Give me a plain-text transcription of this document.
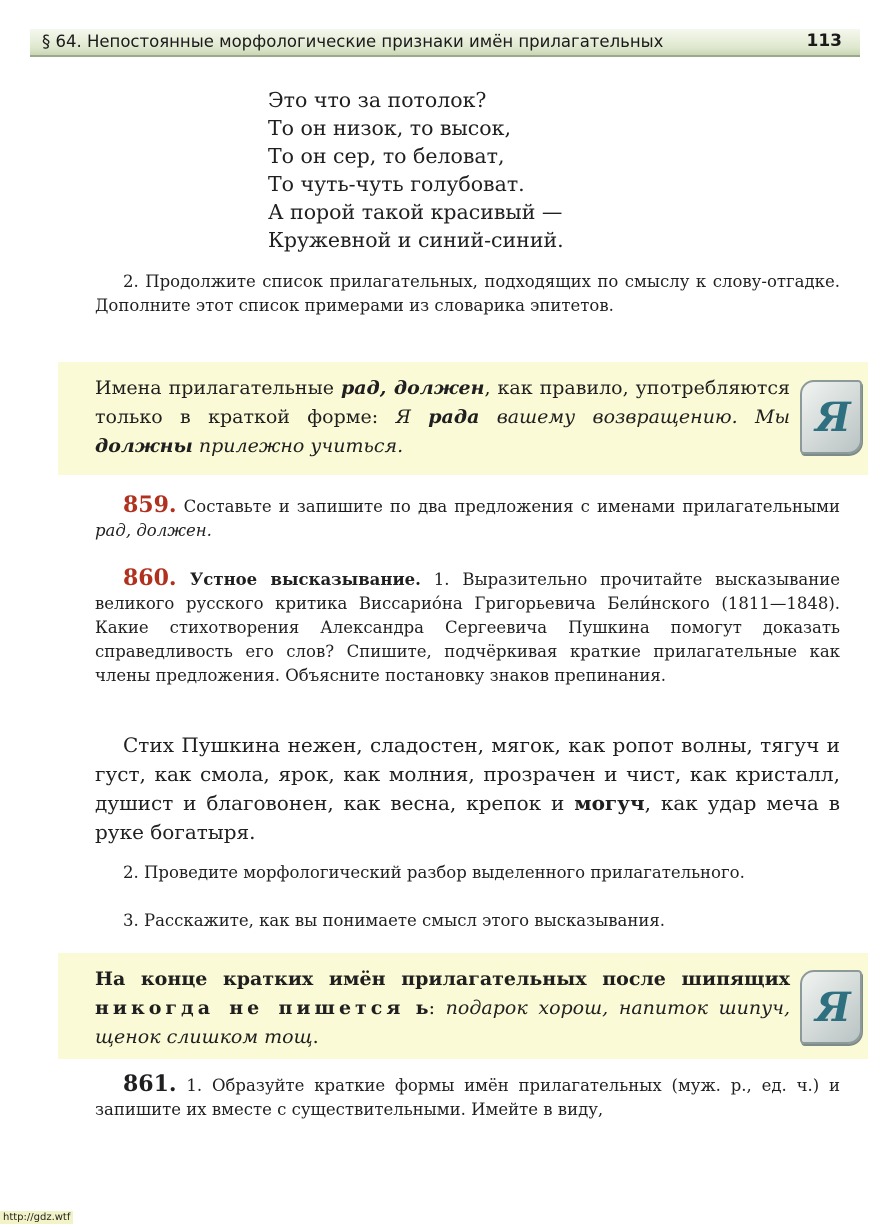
§ 64. Непостоянные морфологические признаки имён прилагательных	113
Это что за потолок?
То он низок, то высок,
То он сер, то беловат,
То чуть-чуть голубоват.
А порой такой красивый —
Кружевной и синий-синий.

2. Продолжите список прилагательных, подходящих по смыслу к слову-отгадке. Дополните этот список примерами из словарика эпитетов.

Имена прилагательные рад, должен, как правило, употребляются только в краткой форме: Я рада вашему возвращению. Мы должны прилежно учиться.

Я

859. Составьте и запишите по два предложения с именами прилагательными рад, должен.

860. Устное высказывание. 1. Выразительно прочитайте высказывание великого русского критика Виссарио́на Григорьевича Бели́нского (1811—1848). Какие стихотворения Александра Сергеевича Пушкина помогут доказать справедливость его слов? Спишите, подчёркивая краткие прилагательные как члены предложения. Объясните постановку знаков препинания.

Стих Пушкина нежен, сладостен, мягок, как ропот волны, тягуч и густ, как смола, ярок, как молния, прозрачен и чист, как кристалл, душист и благовонен, как весна, крепок и могуч, как удар меча в руке богатыря.

2. Проведите морфологический разбор выделенного прилагательного.

3. Расскажите, как вы понимаете смысл этого высказывания.

На конце кратких имён прилагательных после шипящих никогда не пишется ь: подарок хорош, напиток шипуч, щенок слишком тощ.

Я

861. 1. Образуйте краткие формы имён прилагательных (муж. р., ед. ч.) и запишите их вместе с существительными. Имейте в виду,

http://gdz.wtf
